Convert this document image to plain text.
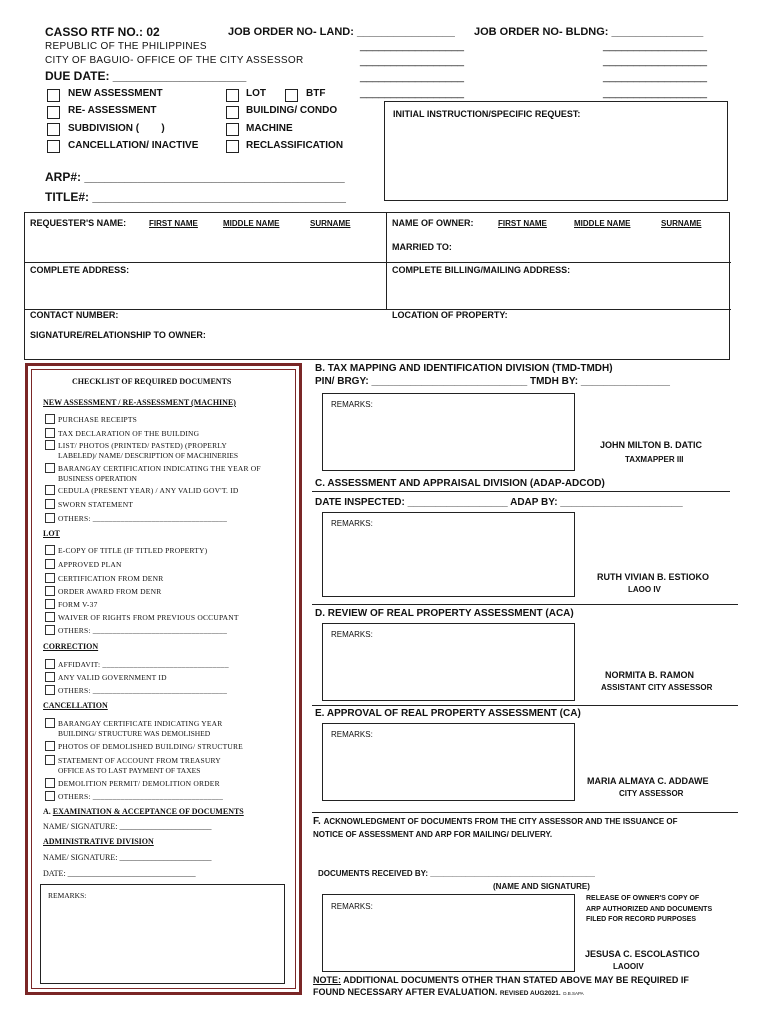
CASSO RTF NO.: 02	JOB ORDER NO- LAND: ________________ JOB ORDER NO- BLDNG: _______________
REPUBLIC OF THE PHILIPPINES
CITY OF BAGUIO- OFFICE OF THE CITY ASSESSOR
DUE DATE: ____________________
_________________
_________________
_________________
_________________
_________________
_________________
_________________
_________________
NEW ASSESSMENT
RE- ASSESSMENT
SUBDIVISION (        )
CANCELLATION/ INACTIVE
LOT	BTF
BUILDING/ CONDO
MACHINE
RECLASSIFICATION
INITIAL INSTRUCTION/SPECIFIC REQUEST:
ARP#: _______________________________________
TITLE#: ______________________________________
REQUESTER'S NAME:	FIRST NAME	MIDDLE NAME	SURNAME	NAME OF OWNER:	FIRST NAME	MIDDLE NAME	SURNAME
MARRIED TO:
COMPLETE ADDRESS:	COMPLETE BILLING/MAILING ADDRESS:
CONTACT NUMBER:	LOCATION OF PROPERTY:
SIGNATURE/RELATIONSHIP TO OWNER:
CHECKLIST OF REQUIRED DOCUMENTS
NEW ASSESSMENT / RE-ASSESSMENT (MACHINE)
PURCHASE RECEIPTS
TAX DECLARATION OF THE BUILDING
LIST/ PHOTOS (PRINTED/ PASTED) (PROPERLY
LABELED)/ NAME/ DESCRIPTION OF MACHINERIES
BARANGAY CERTIFICATION INDICATING THE YEAR OF
BUSINESS OPERATION
CEDULA (PRESENT YEAR) / ANY VALID GOV'T. ID
SWORN STATEMENT
OTHERS: __________________________________
LOT
E-COPY OF TITLE (IF TITLED PROPERTY)
APPROVED PLAN
CERTIFICATION FROM DENR
ORDER AWARD FROM DENR
FORM V-37
WAIVER OF RIGHTS FROM PREVIOUS OCCUPANT
OTHERS: __________________________________
CORRECTION
AFFIDAVIT: ________________________________
ANY VALID GOVERNMENT ID
OTHERS: __________________________________
CANCELLATION
BARANGAY CERTIFICATE INDICATING YEAR
BUILDING/ STRUCTURE WAS DEMOLISHED
PHOTOS OF DEMOLISHED BUILDING/ STRUCTURE
STATEMENT OF ACCOUNT FROM TREASURY
OFFICE AS TO LAST PAYMENT OF TAXES
DEMOLITION PERMIT/ DEMOLITION ORDER
OTHERS: _________________________________
A. EXAMINATION & ACCEPTANCE OF DOCUMENTS
NAME/ SIGNATURE: _______________________
ADMINISTRATIVE DIVISION
NAME/ SIGNATURE: _______________________
DATE: ________________________________
REMARKS:
B. TAX MAPPING AND IDENTIFICATION DIVISION (TMD-TMDH)
PIN/ BRGY: ____________________________ TMDH BY: ________________
REMARKS:
JOHN MILTON B. DATIC
TAXMAPPER III
C. ASSESSMENT AND APPRAISAL DIVISION (ADAP-ADCOD)
DATE INSPECTED: __________________ ADAP BY: ______________________
REMARKS:
RUTH VIVIAN B. ESTIOKO
LAOO IV
D. REVIEW OF REAL PROPERTY ASSESSMENT (ACA)
REMARKS:
NORMITA B. RAMON
ASSISTANT CITY ASSESSOR
E. APPROVAL OF REAL PROPERTY ASSESSMENT (CA)
REMARKS:
MARIA ALMAYA C. ADDAWE
CITY ASSESSOR
F. ACKNOWLEDGMENT OF DOCUMENTS FROM THE CITY ASSESSOR AND THE ISSUANCE OF
NOTICE OF ASSESSMENT AND ARP FOR MAILING/ DELIVERY.
DOCUMENTS RECEIVED BY: _____________________________________
(NAME AND SIGNATURE)
REMARKS:
RELEASE OF OWNER'S COPY OF
ARP AUTHORIZED AND DOCUMENTS
FILED FOR RECORD PURPOSES
JESUSA C. ESCOLASTICO
LAOOIV
NOTE: ADDITIONAL DOCUMENTS OTHER THAN STATED ABOVE MAY BE REQUIRED IF
FOUND NECESSARY AFTER EVALUATION. REVISED AUG2021. D.B.SAPA
